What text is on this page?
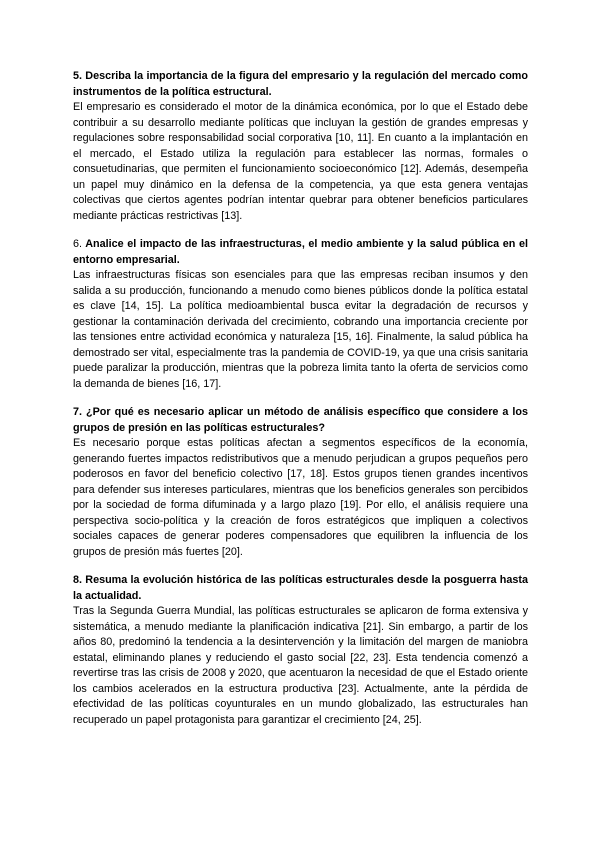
5. Describa la importancia de la figura del empresario y la regulación del mercado como instrumentos de la política estructural.

El empresario es considerado el motor de la dinámica económica, por lo que el Estado debe contribuir a su desarrollo mediante políticas que incluyan la gestión de grandes empresas y regulaciones sobre responsabilidad social corporativa [10, 11]. En cuanto a la implantación en el mercado, el Estado utiliza la regulación para establecer las normas, formales o consuetudinarias, que permiten el funcionamiento socioeconómico [12]. Además, desempeña un papel muy dinámico en la defensa de la competencia, ya que esta genera ventajas colectivas que ciertos agentes podrían intentar quebrar para obtener beneficios particulares mediante prácticas restrictivas [13].

6. Analice el impacto de las infraestructuras, el medio ambiente y la salud pública en el entorno empresarial.

Las infraestructuras físicas son esenciales para que las empresas reciban insumos y den salida a su producción, funcionando a menudo como bienes públicos donde la política estatal es clave [14, 15]. La política medioambiental busca evitar la degradación de recursos y gestionar la contaminación derivada del crecimiento, cobrando una importancia creciente por las tensiones entre actividad económica y naturaleza [15, 16]. Finalmente, la salud pública ha demostrado ser vital, especialmente tras la pandemia de COVID-19, ya que una crisis sanitaria puede paralizar la producción, mientras que la pobreza limita tanto la oferta de servicios como la demanda de bienes [16, 17].

7. ¿Por qué es necesario aplicar un método de análisis específico que considere a los grupos de presión en las políticas estructurales?

Es necesario porque estas políticas afectan a segmentos específicos de la economía, generando fuertes impactos redistributivos que a menudo perjudican a grupos pequeños pero poderosos en favor del beneficio colectivo [17, 18]. Estos grupos tienen grandes incentivos para defender sus intereses particulares, mientras que los beneficios generales son percibidos por la sociedad de forma difuminada y a largo plazo [19]. Por ello, el análisis requiere una perspectiva socio-política y la creación de foros estratégicos que impliquen a colectivos sociales capaces de generar poderes compensadores que equilibren la influencia de los grupos de presión más fuertes [20].

8. Resuma la evolución histórica de las políticas estructurales desde la posguerra hasta la actualidad.

Tras la Segunda Guerra Mundial, las políticas estructurales se aplicaron de forma extensiva y sistemática, a menudo mediante la planificación indicativa [21]. Sin embargo, a partir de los años 80, predominó la tendencia a la desintervención y la limitación del margen de maniobra estatal, eliminando planes y reduciendo el gasto social [22, 23]. Esta tendencia comenzó a revertirse tras las crisis de 2008 y 2020, que acentuaron la necesidad de que el Estado oriente los cambios acelerados en la estructura productiva [23]. Actualmente, ante la pérdida de efectividad de las políticas coyunturales en un mundo globalizado, las estructurales han recuperado un papel protagonista para garantizar el crecimiento [24, 25].
